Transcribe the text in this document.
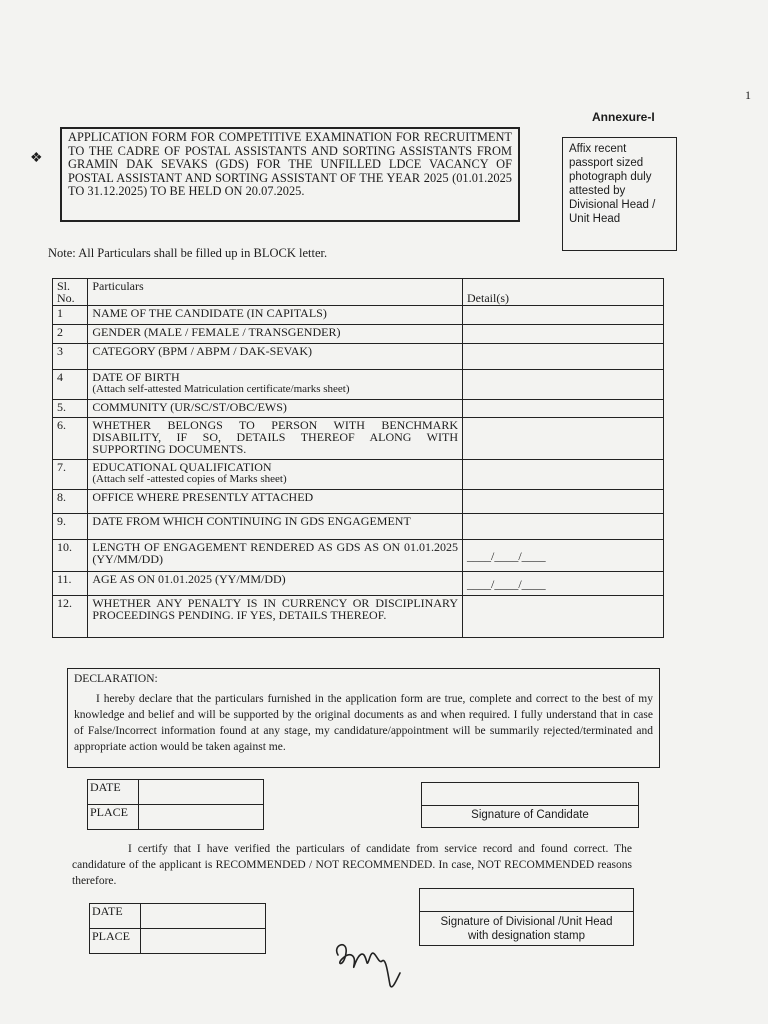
1
❖
Annexure-I
APPLICATION FORM FOR COMPETITIVE EXAMINATION FOR RECRUITMENT TO THE CADRE OF POSTAL ASSISTANTS AND SORTING ASSISTANTS FROM GRAMIN DAK SEVAKS (GDS) FOR THE UNFILLED LDCE VACANCY OF POSTAL ASSISTANT AND SORTING ASSISTANT OF THE YEAR 2025 (01.01.2025 TO 31.12.2025) TO BE HELD ON 20.07.2025.
Affix recent
passport sized
photograph duly
attested by
Divisional Head /
Unit Head
Note: All Particulars shall be filled up in BLOCK letter.
Sl. No.	Particulars	Detail(s)
1	NAME OF THE CANDIDATE (IN CAPITALS)	

2	GENDER (MALE / FEMALE / TRANSGENDER)	

3	CATEGORY (BPM / ABPM / DAK-SEVAK)	

4	DATE OF BIRTH
(Attach self-attested Matriculation certificate/marks sheet)	

5.	COMMUNITY (UR/SC/ST/OBC/EWS)	

6.	WHETHER BELONGS TO PERSON WITH BENCHMARK DISABILITY, IF SO, DETAILS THEREOF ALONG WITH SUPPORTING DOCUMENTS.	

7.	EDUCATIONAL QUALIFICATION
(Attach self -attested copies of Marks sheet)	

8.	OFFICE WHERE PRESENTLY ATTACHED	

9.	DATE FROM WHICH CONTINUING IN GDS ENGAGEMENT	

10.	LENGTH OF ENGAGEMENT RENDERED AS GDS AS ON 01.01.2025 (YY/MM/DD)	____/____/____
11.	AGE AS ON 01.01.2025 (YY/MM/DD)	____/____/____
12.	WHETHER ANY PENALTY IS IN CURRENCY OR DISCIPLINARY PROCEEDINGS PENDING. IF YES, DETAILS THEREOF.	

DECLARATION:
I hereby declare that the particulars furnished in the application form are true, complete and correct to the best of my knowledge and belief and will be supported by the original documents as and when required. I fully understand that in case of False/Incorrect information found at any stage, my candidature/appointment will be summarily rejected/terminated and appropriate action would be taken against me.
DATE	
PLACE		Signature of Candidate

I certify that I have verified the particulars of candidate from service record and found correct. The candidature of the applicant is RECOMMENDED / NOT RECOMMENDED. In case, NOT RECOMMENDED reasons therefore.

DATE	
PLACE	
Signature of Divisional /Unit Head
with designation stamp
